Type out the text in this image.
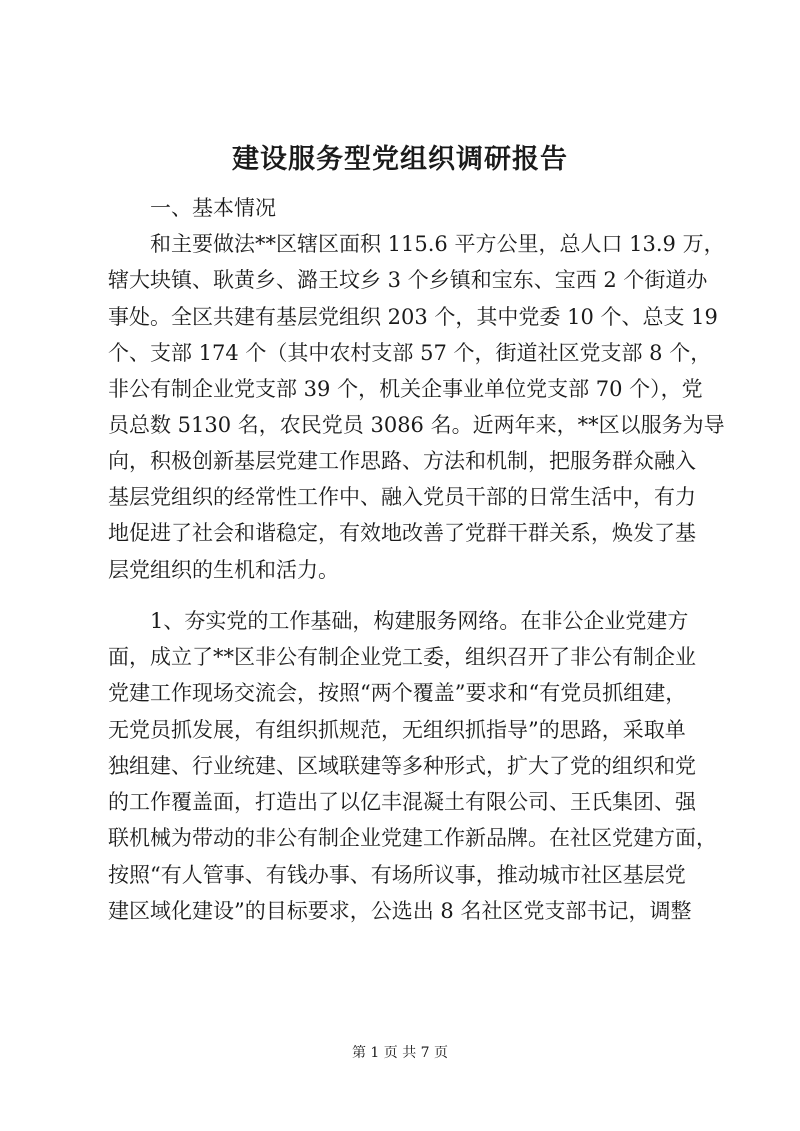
建设服务型党组织调研报告

一、基本情况

和主要做法**区辖区面积 115.6 平方公里，总人口 13.9 万，

辖大块镇、耿黄乡、潞王坟乡 3 个乡镇和宝东、宝西 2 个街道办

事处。全区共建有基层党组织 203 个，其中党委 10 个、总支 19

个、支部 174 个（其中农村支部 57 个，街道社区党支部 8 个，

非公有制企业党支部 39 个，机关企事业单位党支部 70 个），党

员总数 5130 名，农民党员 3086 名。近两年来，**区以服务为导

向，积极创新基层党建工作思路、方法和机制，把服务群众融入

基层党组织的经常性工作中、融入党员干部的日常生活中，有力

地促进了社会和谐稳定，有效地改善了党群干群关系，焕发了基

层党组织的生机和活力。

1、夯实党的工作基础，构建服务网络。在非公企业党建方

面，成立了**区非公有制企业党工委，组织召开了非公有制企业

党建工作现场交流会，按照“两个覆盖”要求和“有党员抓组建，

无党员抓发展，有组织抓规范，无组织抓指导”的思路，采取单

独组建、行业统建、区域联建等多种形式，扩大了党的组织和党

的工作覆盖面，打造出了以亿丰混凝土有限公司、王氏集团、强

联机械为带动的非公有制企业党建工作新品牌。在社区党建方面，

按照“有人管事、有钱办事、有场所议事，推动城市社区基层党

建区域化建设”的目标要求，公选出 8 名社区党支部书记，调整

第 1 页 共 7 页
